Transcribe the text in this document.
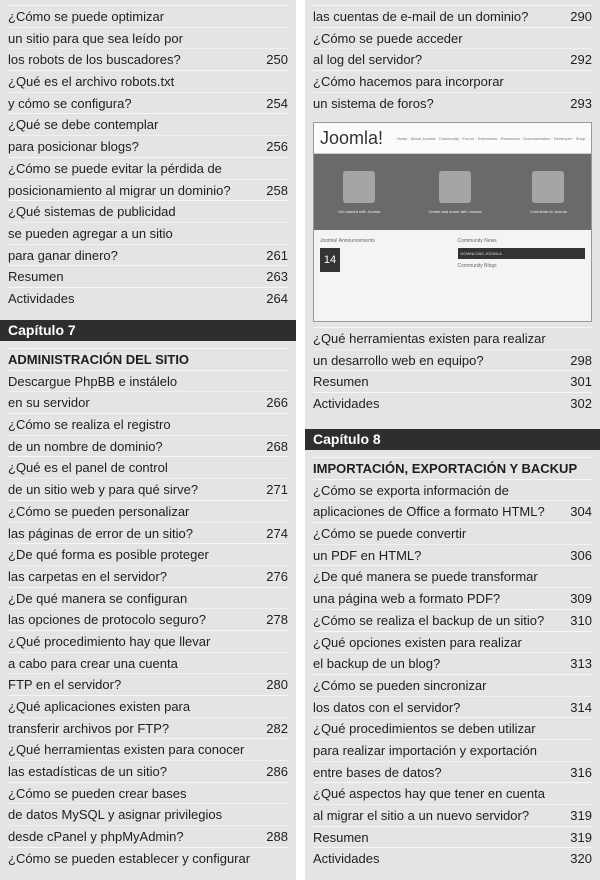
¿Cómo se puede optimizar
un sitio para que sea leído por
los robots de los buscadores?	250
¿Qué es el archivo robots.txt
y cómo se configura?	254
¿Qué se debe contemplar
para posicionar blogs?	256
¿Cómo se puede evitar la pérdida de
posicionamiento al migrar un dominio?	258
¿Qué sistemas de publicidad
se pueden agregar a un sitio
para ganar dinero?	261
Resumen	263
Actividades	264
Capítulo 7
ADMINISTRACIÓN DEL SITIO
Descargue PhpBB e instálelo
en su servidor	266
¿Cómo se realiza el registro
de un nombre de dominio?	268
¿Qué es el panel de control
de un sitio web y para qué sirve?	271
¿Cómo se pueden personalizar
las páginas de error de un sitio?	274
¿De qué forma es posible proteger
las carpetas en el servidor?	276
¿De qué manera se configuran
las opciones de protocolo seguro?	278
¿Qué procedimiento hay que llevar
a cabo para crear una cuenta
FTP en el servidor?	280
¿Qué aplicaciones existen para
transferir archivos por FTP?	282
¿Qué herramientas existen para conocer
las estadísticas de un sitio?	286
¿Cómo se pueden crear bases
de datos MySQL y asignar privilegios
desde cPanel y phpMyAdmin?	288
¿Cómo se pueden establecer y configurar
las cuentas de e-mail de un dominio?	290
¿Cómo se puede acceder
al log del servidor?	292
¿Cómo hacemos para incorporar
un sistema de foros?	293
Joomla!	Home · About Joomla · Community · Forum · Extensions · Resources · Documentation · Developer · Shop
Get started with Joomla	Create and share with Joomla	Contribute to Joomla
Joomla! Announcements
14
Community News
DOWNLOAD JOOMLA
Community Blogs
¿Qué herramientas existen para realizar
un desarrollo web en equipo?	298
Resumen	301
Actividades	302
Capítulo 8
IMPORTACIÓN, EXPORTACIÓN Y BACKUP
¿Cómo se exporta información de
aplicaciones de Office a formato HTML? 304
¿Cómo se puede convertir
un PDF en HTML?	306
¿De qué manera se puede transformar
una página web a formato PDF?	309
¿Cómo se realiza el backup de un sitio? 310
¿Qué opciones existen para realizar
el backup de un blog?	313
¿Cómo se pueden sincronizar
los datos con el servidor?	314
¿Qué procedimientos se deben utilizar
para realizar importación y exportación
entre bases de datos?	316
¿Qué aspectos hay que tener en cuenta
al migrar el sitio a un nuevo servidor?	319
Resumen	319
Actividades	320
